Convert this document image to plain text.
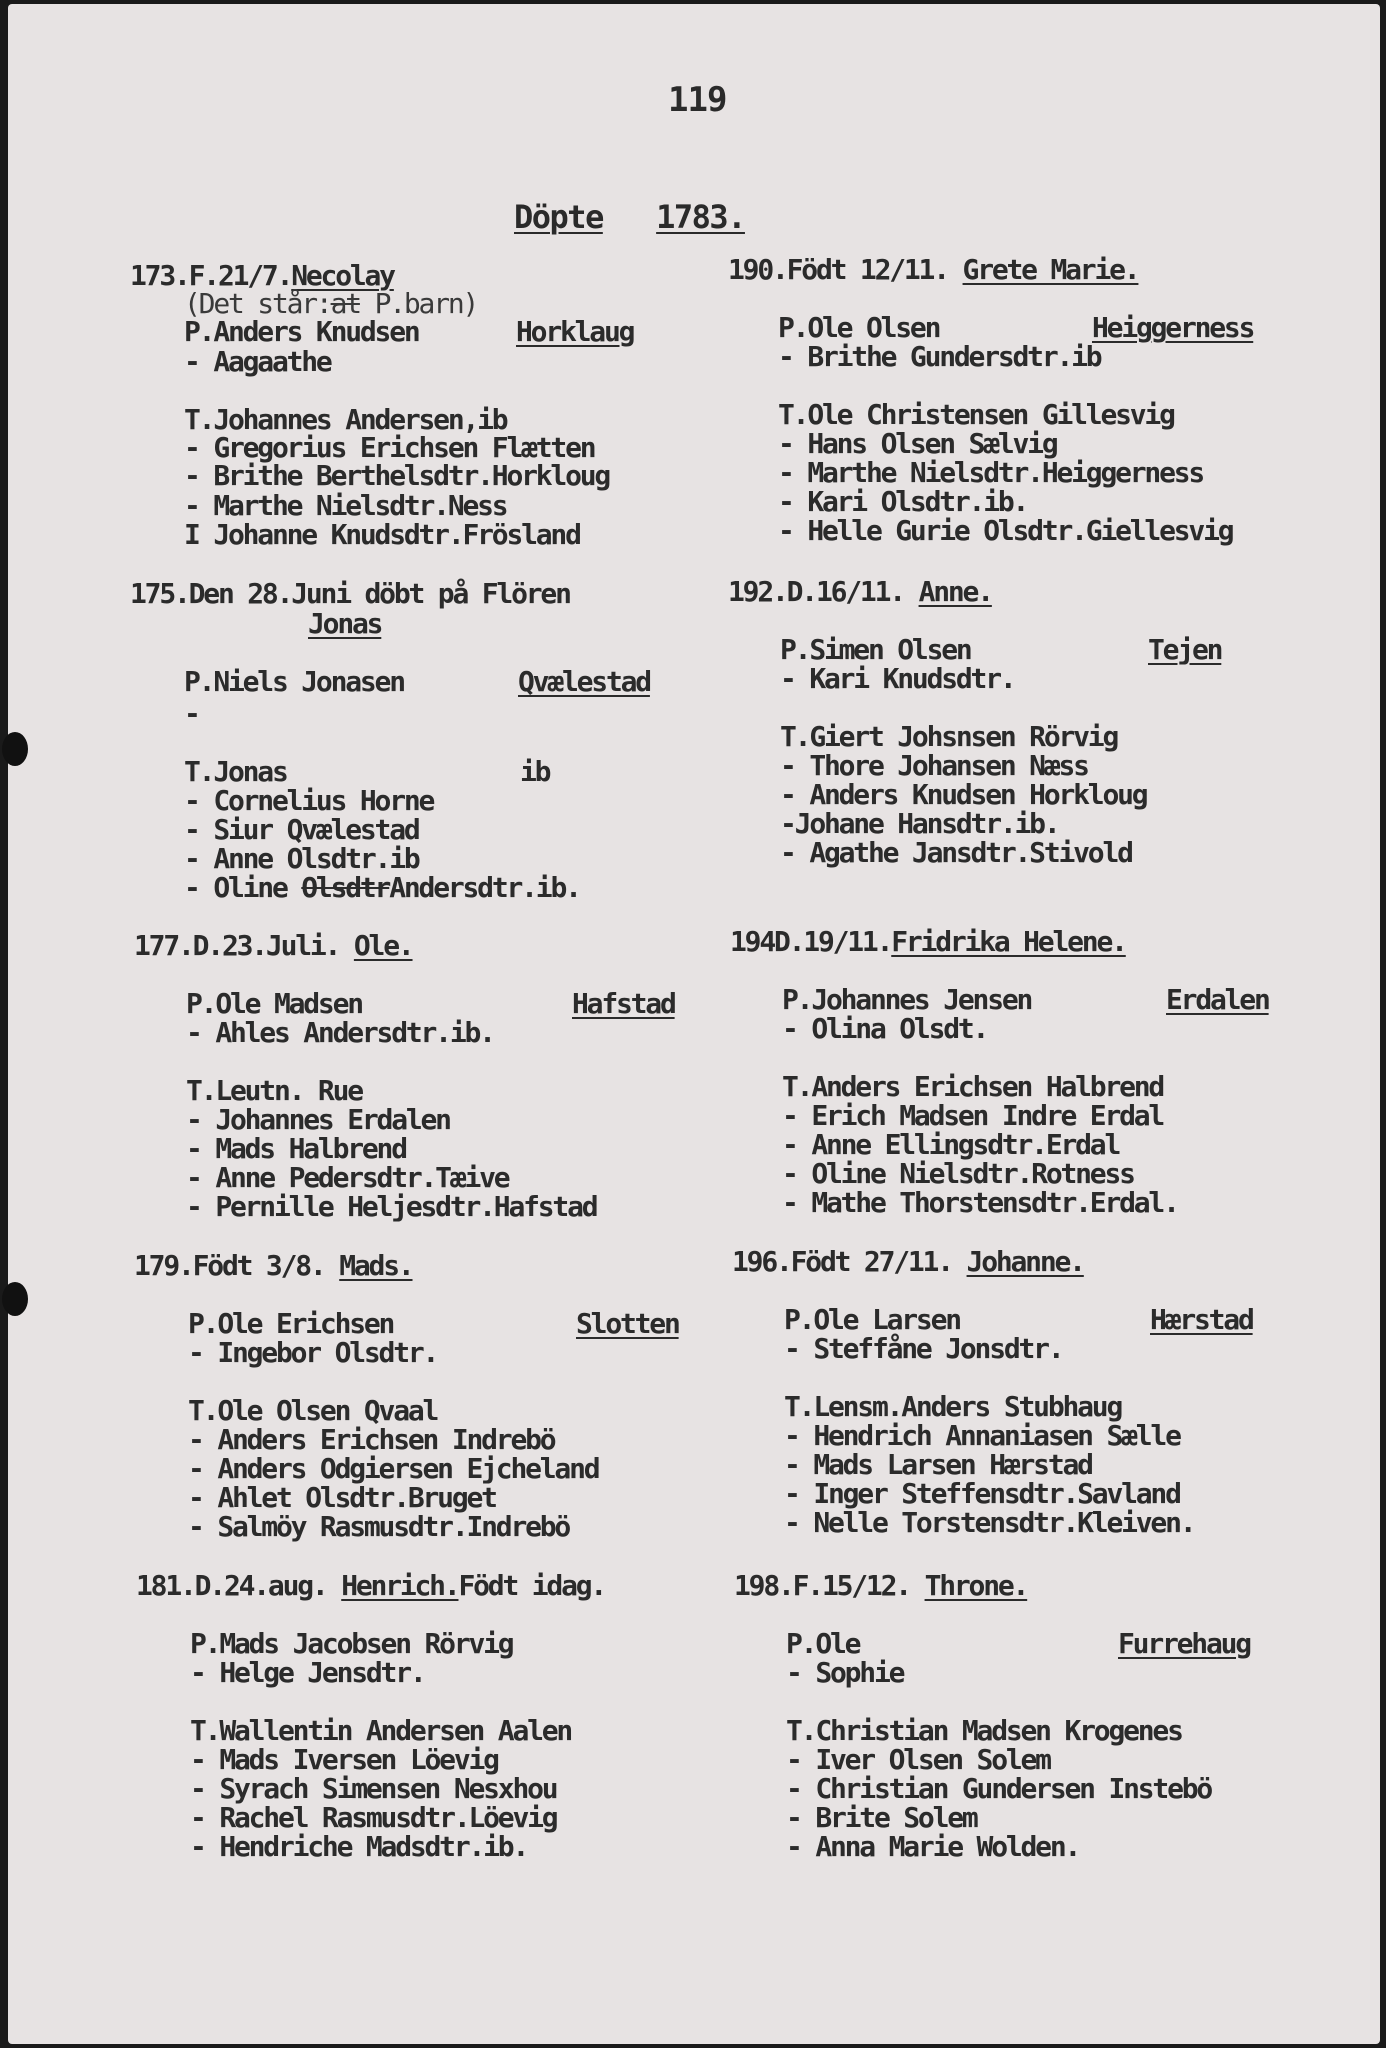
119
Döpte 1783.
173.F.21/7.Necolay
(Det står:at P.barn)
P.Anders Knudsen	Horklaug
- Aagaathe
T.Johannes Andersen,ib
- Gregorius Erichsen Flætten
- Brithe Berthelsdtr.Horkloug
- Marthe Nielsdtr.Ness
I Johanne Knudsdtr.Frösland
175.Den 28.Juni döbt på Flören
Jonas
P.Niels Jonasen	Qvælestad
-
T.Jonas	ib
- Cornelius Horne
- Siur Qvælestad
- Anne Olsdtr.ib
- Oline OlsdtrAndersdtr.ib.
177.D.23.Juli. Ole.
P.Ole Madsen	Hafstad
- Ahles Andersdtr.ib.
T.Leutn. Rue
- Johannes Erdalen
- Mads Halbrend
- Anne Pedersdtr.Tæive
- Pernille Heljesdtr.Hafstad
179.Födt 3/8. Mads.
P.Ole Erichsen	Slotten
- Ingebor Olsdtr.
T.Ole Olsen Qvaal
- Anders Erichsen Indrebö
- Anders Odgiersen Ejcheland
- Ahlet Olsdtr.Bruget
- Salmöy Rasmusdtr.Indrebö
181.D.24.aug. Henrich.Födt idag.
P.Mads Jacobsen Rörvig
- Helge Jensdtr.
T.Wallentin Andersen Aalen
- Mads Iversen Löevig
- Syrach Simensen Nesxhou
- Rachel Rasmusdtr.Löevig
- Hendriche Madsdtr.ib.
190.Födt 12/11. Grete Marie.
P.Ole Olsen	Heiggerness
- Brithe Gundersdtr.ib
T.Ole Christensen Gillesvig
- Hans Olsen Sælvig
- Marthe Nielsdtr.Heiggerness
- Kari Olsdtr.ib.
- Helle Gurie Olsdtr.Giellesvig
192.D.16/11. Anne.
P.Simen Olsen	Tejen
- Kari Knudsdtr.
T.Giert Johsnsen Rörvig
- Thore Johansen Næss
- Anders Knudsen Horkloug
-Johane Hansdtr.ib.
- Agathe Jansdtr.Stivold
194D.19/11.Fridrika Helene.
P.Johannes Jensen	Erdalen
- Olina Olsdt.
T.Anders Erichsen Halbrend
- Erich Madsen Indre Erdal
- Anne Ellingsdtr.Erdal
- Oline Nielsdtr.Rotness
- Mathe Thorstensdtr.Erdal.
196.Födt 27/11. Johanne.
P.Ole Larsen	Hærstad
- Steffåne Jonsdtr.
T.Lensm.Anders Stubhaug
- Hendrich Annaniasen Sælle
- Mads Larsen Hærstad
- Inger Steffensdtr.Savland
- Nelle Torstensdtr.Kleiven.
198.F.15/12. Throne.
P.Ole	Furrehaug
- Sophie
T.Christian Madsen Krogenes
- Iver Olsen Solem
- Christian Gundersen Instebö
- Brite Solem
- Anna Marie Wolden.
